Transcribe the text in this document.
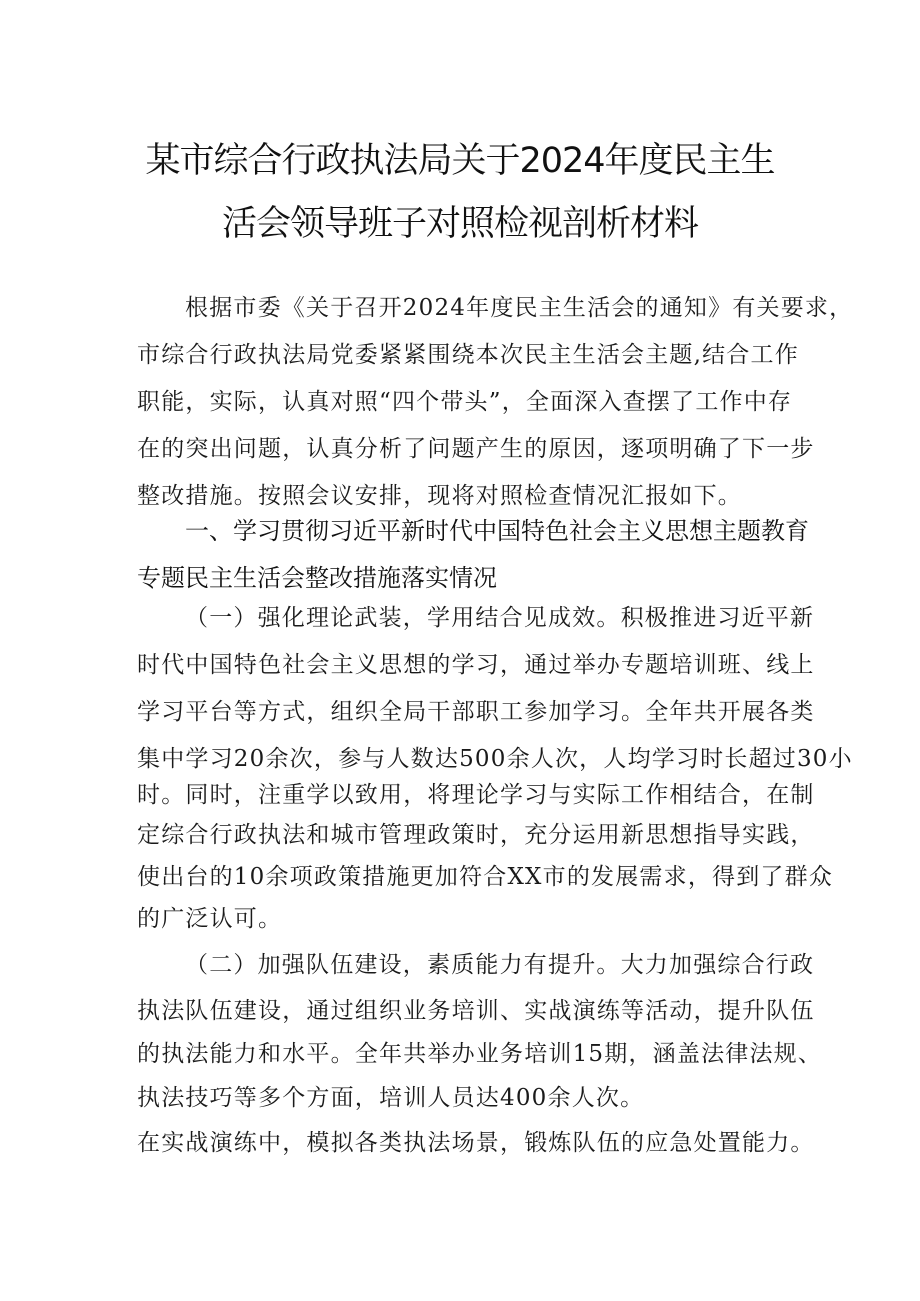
某市综合行政执法局关于2024年度民主生
活会领导班子对照检视剖析材料
根据市委《关于召开2024年度民主生活会的通知》有关要求，
市综合行政执法局党委紧紧围绕本次民主生活会主题,结合工作
职能，实际，认真对照“四个带头”，全面深入查摆了工作中存
在的突出问题，认真分析了问题产生的原因，逐项明确了下一步
整改措施。按照会议安排，现将对照检查情况汇报如下。
一、学习贯彻习近平新时代中国特色社会主义思想主题教育
专题民主生活会整改措施落实情况
（一）强化理论武装，学用结合见成效。积极推进习近平新
时代中国特色社会主义思想的学习，通过举办专题培训班、线上
学习平台等方式，组织全局干部职工参加学习。全年共开展各类
集中学习20余次，参与人数达500余人次，人均学习时长超过30小
时。同时，注重学以致用，将理论学习与实际工作相结合，在制
定综合行政执法和城市管理政策时，充分运用新思想指导实践，
使出台的10余项政策措施更加符合XX市的发展需求，得到了群众
的广泛认可。
（二）加强队伍建设，素质能力有提升。大力加强综合行政
执法队伍建设，通过组织业务培训、实战演练等活动，提升队伍
的执法能力和水平。全年共举办业务培训15期，涵盖法律法规、
执法技巧等多个方面，培训人员达400余人次。
在实战演练中，模拟各类执法场景，锻炼队伍的应急处置能力。
